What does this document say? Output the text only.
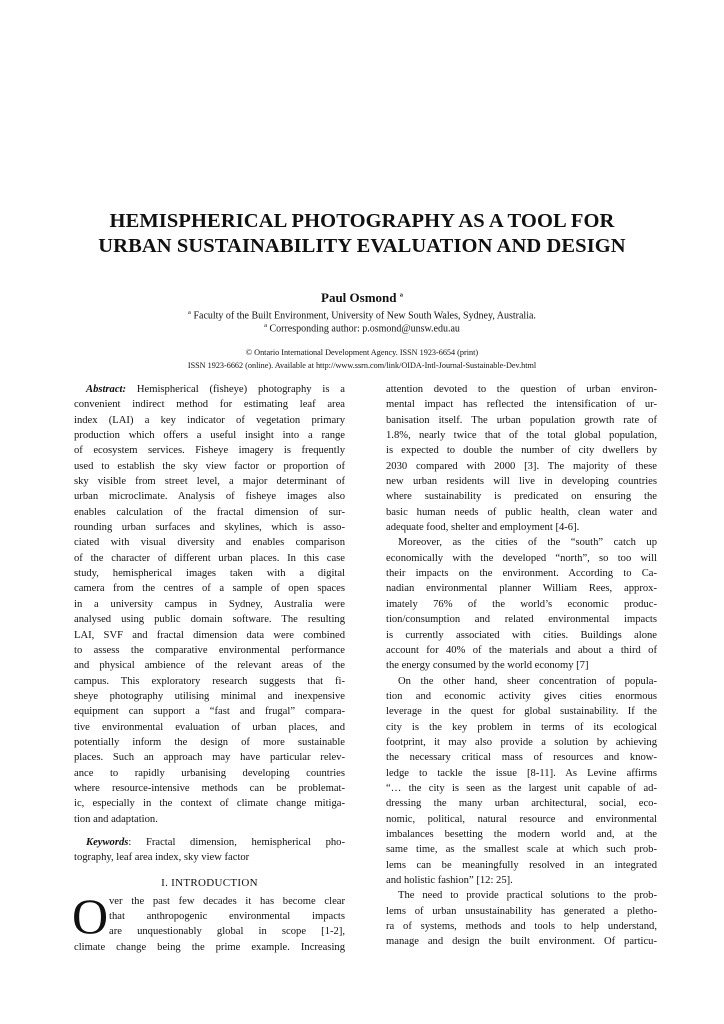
HEMISPHERICAL PHOTOGRAPHY AS A TOOL FOR
URBAN SUSTAINABILITY EVALUATION AND DESIGN
Paul Osmond $^a$
$^a$ Faculty of the Built Environment, University of New South Wales, Sydney, Australia.
$^a$ Corresponding author: p.osmond@unsw.edu.au
© Ontario International Development Agency. ISSN 1923-6654 (print)
ISSN 1923-6662 (online). Available at http://www.ssrn.com/link/OIDA-Intl-Journal-Sustainable-Dev.html
Abstract: Hemispherical (fisheye) photography is a
convenient indirect method for estimating leaf area
index (LAI) a key indicator of vegetation primary
production which offers a useful insight into a range
of ecosystem services. Fisheye imagery is frequently
used to establish the sky view factor or proportion of
sky visible from street level, a major determinant of
urban microclimate. Analysis of fisheye images also
enables calculation of the fractal dimension of sur-
rounding urban surfaces and skylines, which is asso-
ciated with visual diversity and enables comparison
of the character of different urban places. In this case
study, hemispherical images taken with a digital
camera from the centres of a sample of open spaces
in a university campus in Sydney, Australia were
analysed using public domain software. The resulting
LAI, SVF and fractal dimension data were combined
to assess the comparative environmental performance
and physical ambience of the relevant areas of the
campus. This exploratory research suggests that fi-
sheye photography utilising minimal and inexpensive
equipment can support a “fast and frugal” compara-
tive environmental evaluation of urban places, and
potentially inform the design of more sustainable
places. Such an approach may have particular relev-
ance to rapidly urbanising developing countries
where resource-intensive methods can be problemat-
ic, especially in the context of climate change mitiga-
tion and adaptation.
Keywords: Fractal dimension, hemispherical pho-
tography, leaf area index, sky view factor
I. INTRODUCTION
O ver the past few decades it has become clear
that anthropogenic environmental impacts
are unquestionably global in scope [1-2],
climate change being the prime example. Increasing
attention devoted to the question of urban environ-
mental impact has reflected the intensification of ur-
banisation itself. The urban population growth rate of
1.8%, nearly twice that of the total global population,
is expected to double the number of city dwellers by
2030 compared with 2000 [3]. The majority of these
new urban residents will live in developing countries
where sustainability is predicated on ensuring the
basic human needs of public health, clean water and
adequate food, shelter and employment [4-6].
Moreover, as the cities of the “south” catch up
economically with the developed “north”, so too will
their impacts on the environment. According to Ca-
nadian environmental planner William Rees, approx-
imately 76% of the world’s economic produc-
tion/consumption and related environmental impacts
is currently associated with cities. Buildings alone
account for 40% of the materials and about a third of
the energy consumed by the world economy [7]
On the other hand, sheer concentration of popula-
tion and economic activity gives cities enormous
leverage in the quest for global sustainability. If the
city is the key problem in terms of its ecological
footprint, it may also provide a solution by achieving
the necessary critical mass of resources and know-
ledge to tackle the issue [8-11]. As Levine affirms
“… the city is seen as the largest unit capable of ad-
dressing the many urban architectural, social, eco-
nomic, political, natural resource and environmental
imbalances besetting the modern world and, at the
same time, as the smallest scale at which such prob-
lems can be meaningfully resolved in an integrated
and holistic fashion” [12: 25].
The need to provide practical solutions to the prob-
lems of urban unsustainability has generated a pletho-
ra of systems, methods and tools to help understand,
manage and design the built environment. Of particu-
